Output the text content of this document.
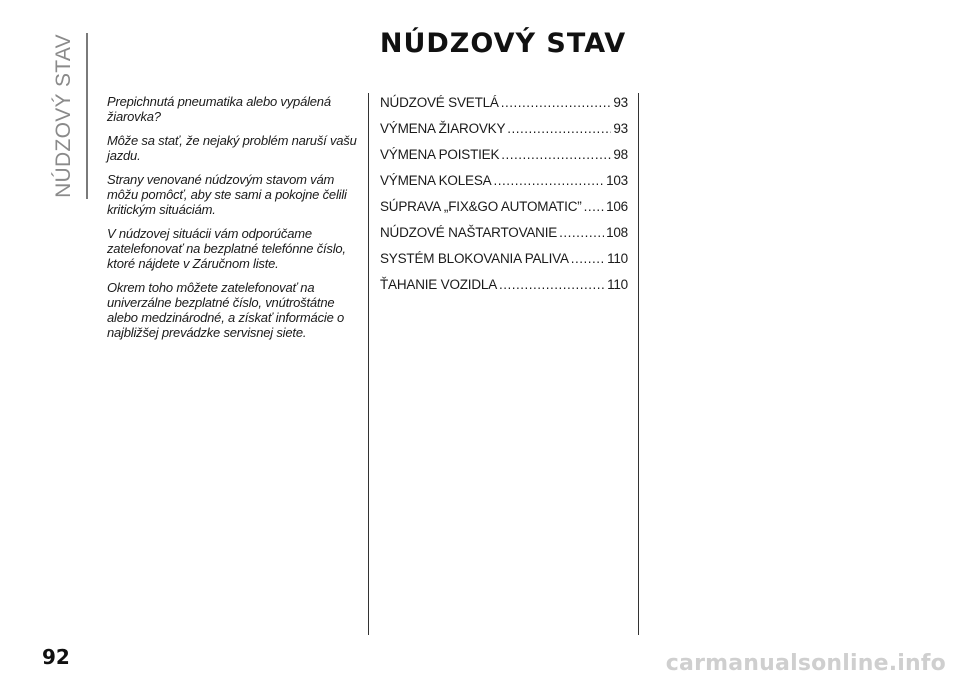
NÚDZOVÝ STAV	NÚDZOVÝ STAV

Prepichnutá pneumatika alebo vypálená žiarovka?

Môže sa stať, že nejaký problém naruší vašu jazdu.

Strany venované núdzovým stavom vám môžu pomôcť, aby ste sami a pokojne čelili kritickým situáciám.

V núdzovej situácii vám odporúčame zatelefonovať na bezplatné telefónne číslo, ktoré nájdete v Záručnom liste.

Okrem toho môžete zatelefonovať na univerzálne bezplatné číslo, vnútroštátne alebo medzinárodné, a získať informácie o najbližšej prevádzke servisnej siete.

NÚDZOVÉ SVETLÁ .....	93
VÝMENA ŽIAROVKY .....	93
VÝMENA POISTIEK .....	98
VÝMENA KOLESA .....	103
SÚPRAVA „FIX&GO AUTOMATIC” ..... 106
NÚDZOVÉ NAŠTARTOVANIE .....	108
SYSTÉM BLOKOVANIA PALIVA .....	110
ŤAHANIE VOZIDLA .....	110
92	carmanualsonline.info
